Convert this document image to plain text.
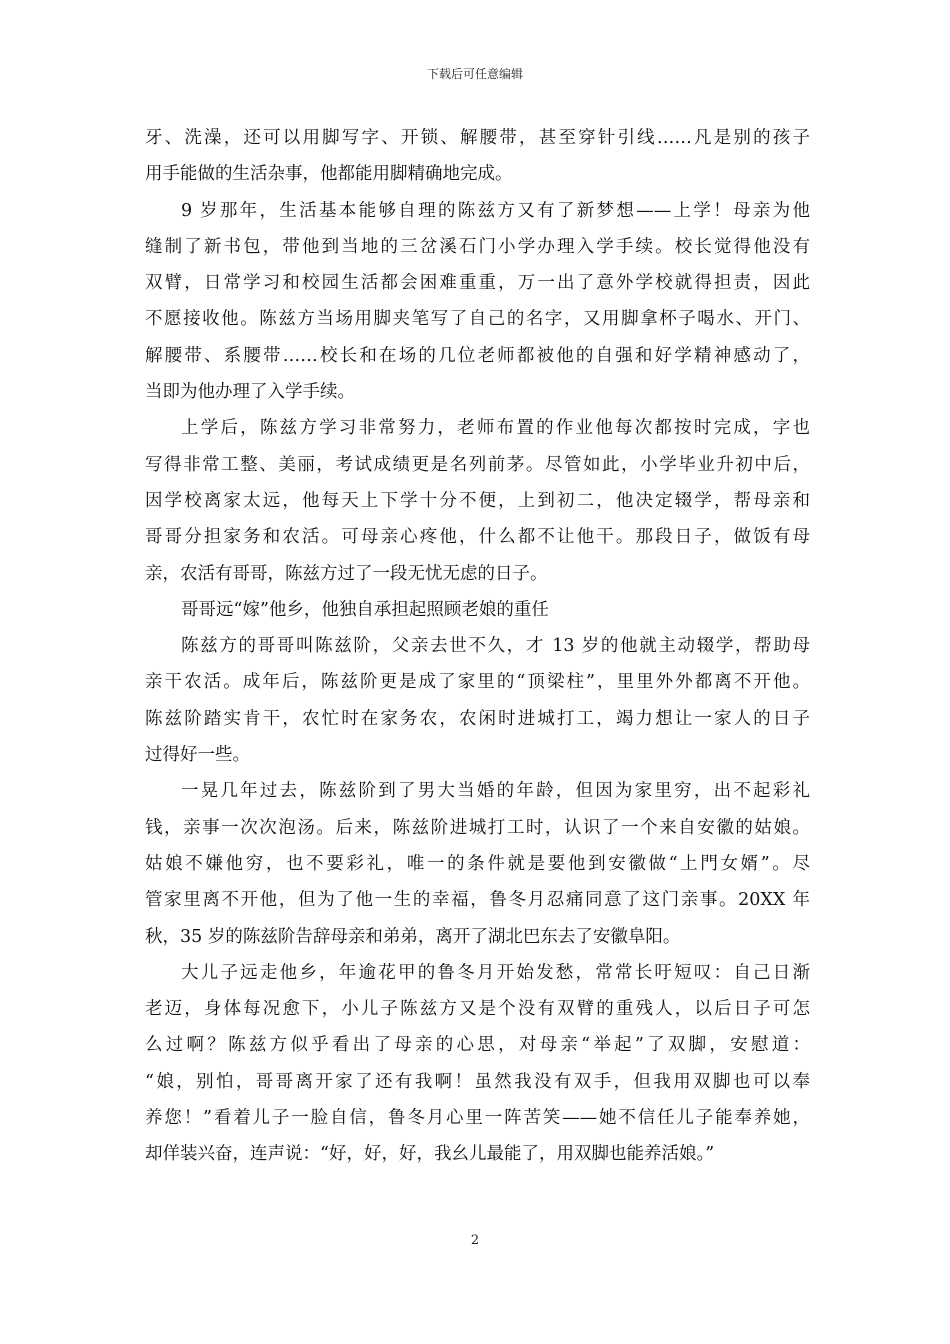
下载后可任意编辑
牙、洗澡，还可以用脚写字、开锁、解腰带，甚至穿针引线……凡是别的孩子
用手能做的生活杂事，他都能用脚精确地完成。
9 岁那年，生活基本能够自理的陈兹方又有了新梦想——上学！母亲为他
缝制了新书包，带他到当地的三岔溪石门小学办理入学手续。校长觉得他没有
双臂，日常学习和校园生活都会困难重重，万一出了意外学校就得担责，因此
不愿接收他。陈兹方当场用脚夹笔写了自己的名字，又用脚拿杯子喝水、开门、
解腰带、系腰带……校长和在场的几位老师都被他的自强和好学精神感动了，
当即为他办理了入学手续。
上学后，陈兹方学习非常努力，老师布置的作业他每次都按时完成，字也
写得非常工整、美丽，考试成绩更是名列前茅。尽管如此，小学毕业升初中后，
因学校离家太远，他每天上下学十分不便，上到初二，他决定辍学，帮母亲和
哥哥分担家务和农活。可母亲心疼他，什么都不让他干。那段日子，做饭有母
亲，农活有哥哥，陈兹方过了一段无忧无虑的日子。
哥哥远“嫁”他乡，他独自承担起照顾老娘的重任
陈兹方的哥哥叫陈兹阶，父亲去世不久，才 13 岁的他就主动辍学，帮助母
亲干农活。成年后，陈兹阶更是成了家里的“顶梁柱”，里里外外都离不开他。
陈兹阶踏实肯干，农忙时在家务农，农闲时进城打工，竭力想让一家人的日子
过得好一些。
一晃几年过去，陈兹阶到了男大当婚的年龄，但因为家里穷，出不起彩礼
钱，亲事一次次泡汤。后来，陈兹阶进城打工时，认识了一个来自安徽的姑娘。
姑娘不嫌他穷，也不要彩礼，唯一的条件就是要他到安徽做“上門女婿”。尽
管家里离不开他，但为了他一生的幸福，鲁冬月忍痛同意了这门亲事。20XX 年
秋，35 岁的陈兹阶告辞母亲和弟弟，离开了湖北巴东去了安徽阜阳。
大儿子远走他乡，年逾花甲的鲁冬月开始发愁，常常长吁短叹：自己日渐
老迈，身体每况愈下，小儿子陈兹方又是个没有双臂的重残人，以后日子可怎
么过啊？陈兹方似乎看出了母亲的心思，对母亲“举起”了双脚，安慰道：
“娘，别怕，哥哥离开家了还有我啊！虽然我没有双手，但我用双脚也可以奉
养您！”看着儿子一脸自信，鲁冬月心里一阵苦笑——她不信任儿子能奉养她，
却佯装兴奋，连声说：“好，好，好，我幺儿最能了，用双脚也能养活娘。”
2
